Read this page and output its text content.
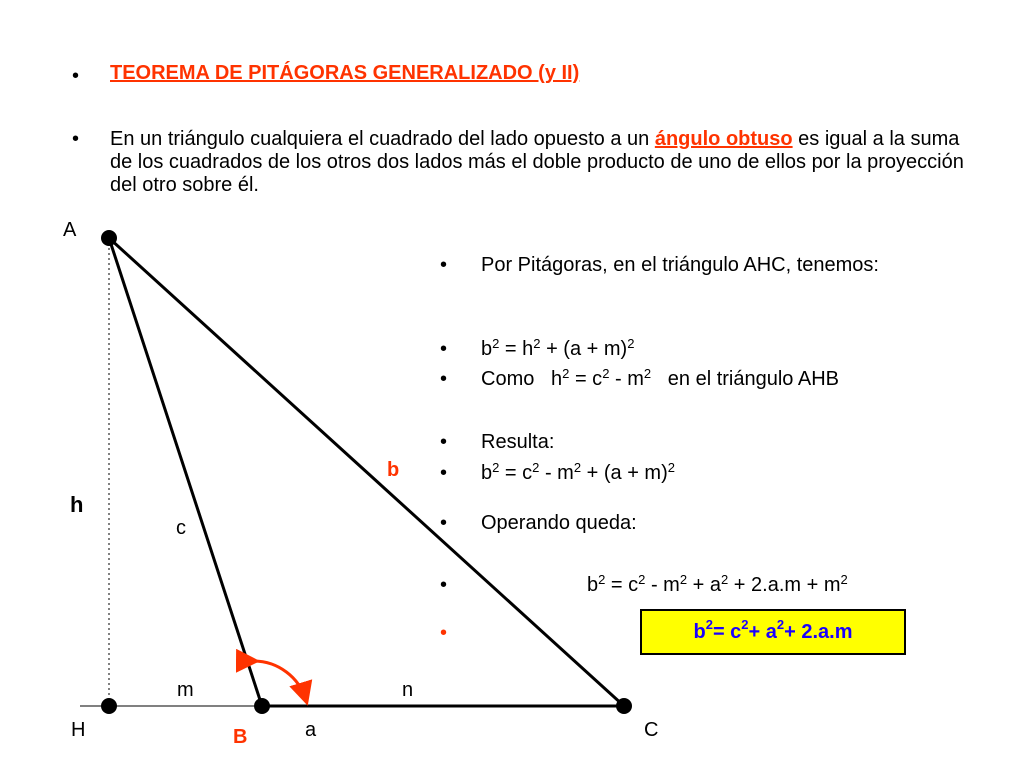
• TEOREMA DE PITÁGORAS GENERALIZADO (y II)
• En un triángulo cualquiera el cuadrado del lado opuesto a un ángulo obtuso es igual a la suma de los cuadrados de los otros dos lados más el doble producto de uno de ellos por la proyección del otro sobre él.
A
H	B	C
h
c
b
m	n
a
• Por Pitágoras, en el triángulo AHC, tenemos:
• $b^2 = h^2 + (a + m)^2$
• Como   $h^2 = c^2 - m^2$   en el triángulo AHB
• Resulta:
• $b^2 = c^2 - m^2 + (a + m)^2$
• Operando queda:
•	$b^2 = c^2 - m^2 + a^2 + 2.a.m + m^2$
•	$b^2 = c^2 + a^2 + 2.a.m$
